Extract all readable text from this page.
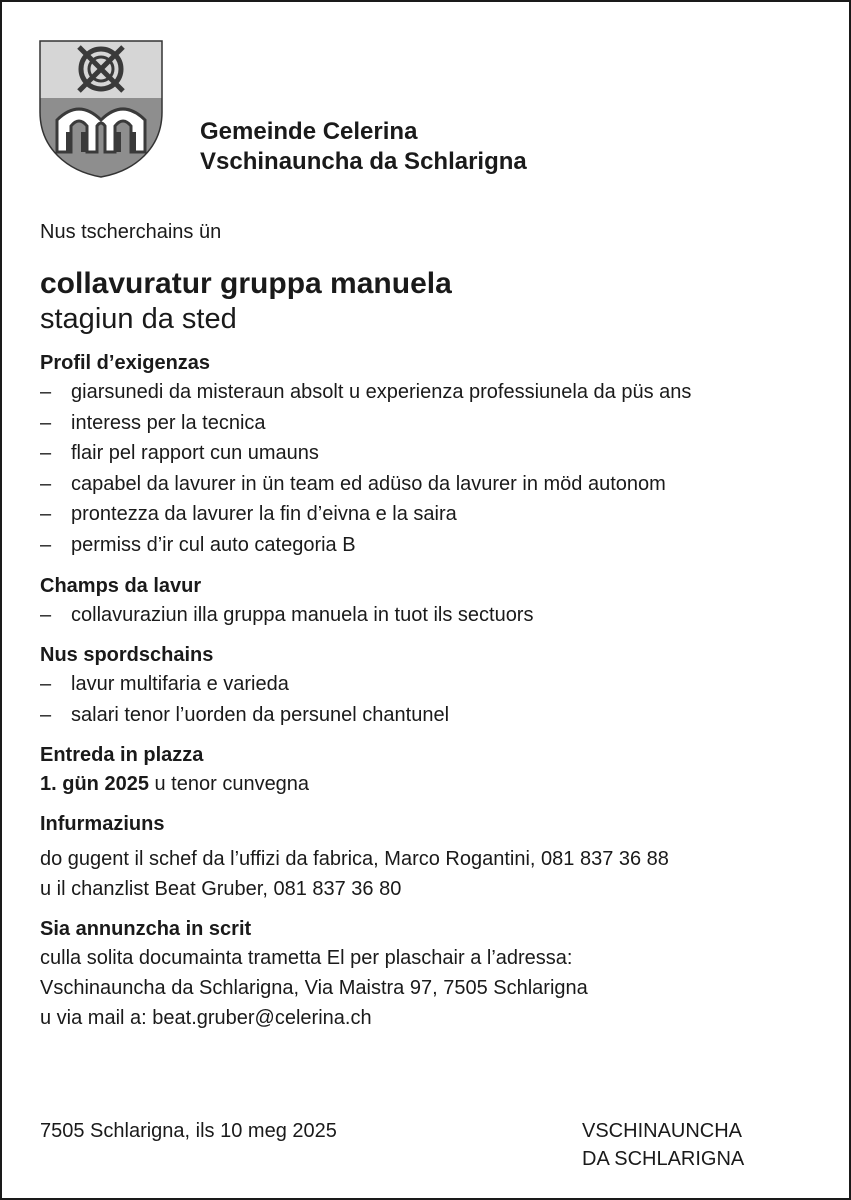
Gemeinde Celerina
Vschinauncha da Schlarigna
Nus tscherchains ün
collavuratur gruppa manuela
stagiun da sted
Profil d’exigenzas
– giarsunedi da misteraun absolt u experienza professiunela da püs ans
– interess per la tecnica
– flair pel rapport cun umauns
– capabel da lavurer in ün team ed adüso da lavurer in möd autonom
– prontezza da lavurer la fin d’eivna e la saira
– permiss d’ir cul auto categoria B
Champs da lavur
– collavuraziun illa gruppa manuela in tuot ils sectuors
Nus spordschains
– lavur multifaria e varieda
– salari tenor l’uorden da persunel chantunel
Entreda in plazza
1. gün 2025 u tenor cunvegna
Infurmaziuns
do gugent il schef da l’uffizi da fabrica, Marco Rogantini, 081 837 36 88
u il chanzlist Beat Gruber, 081 837 36 80
Sia annunzcha in scrit
culla solita documainta trametta El per plaschair a l’adressa:
Vschinauncha da Schlarigna, Via Maistra 97, 7505 Schlarigna
u via mail a: beat.gruber@celerina.ch
7505 Schlarigna, ils 10 meg 2025	VSCHINAUNCHA
DA SCHLARIGNA
